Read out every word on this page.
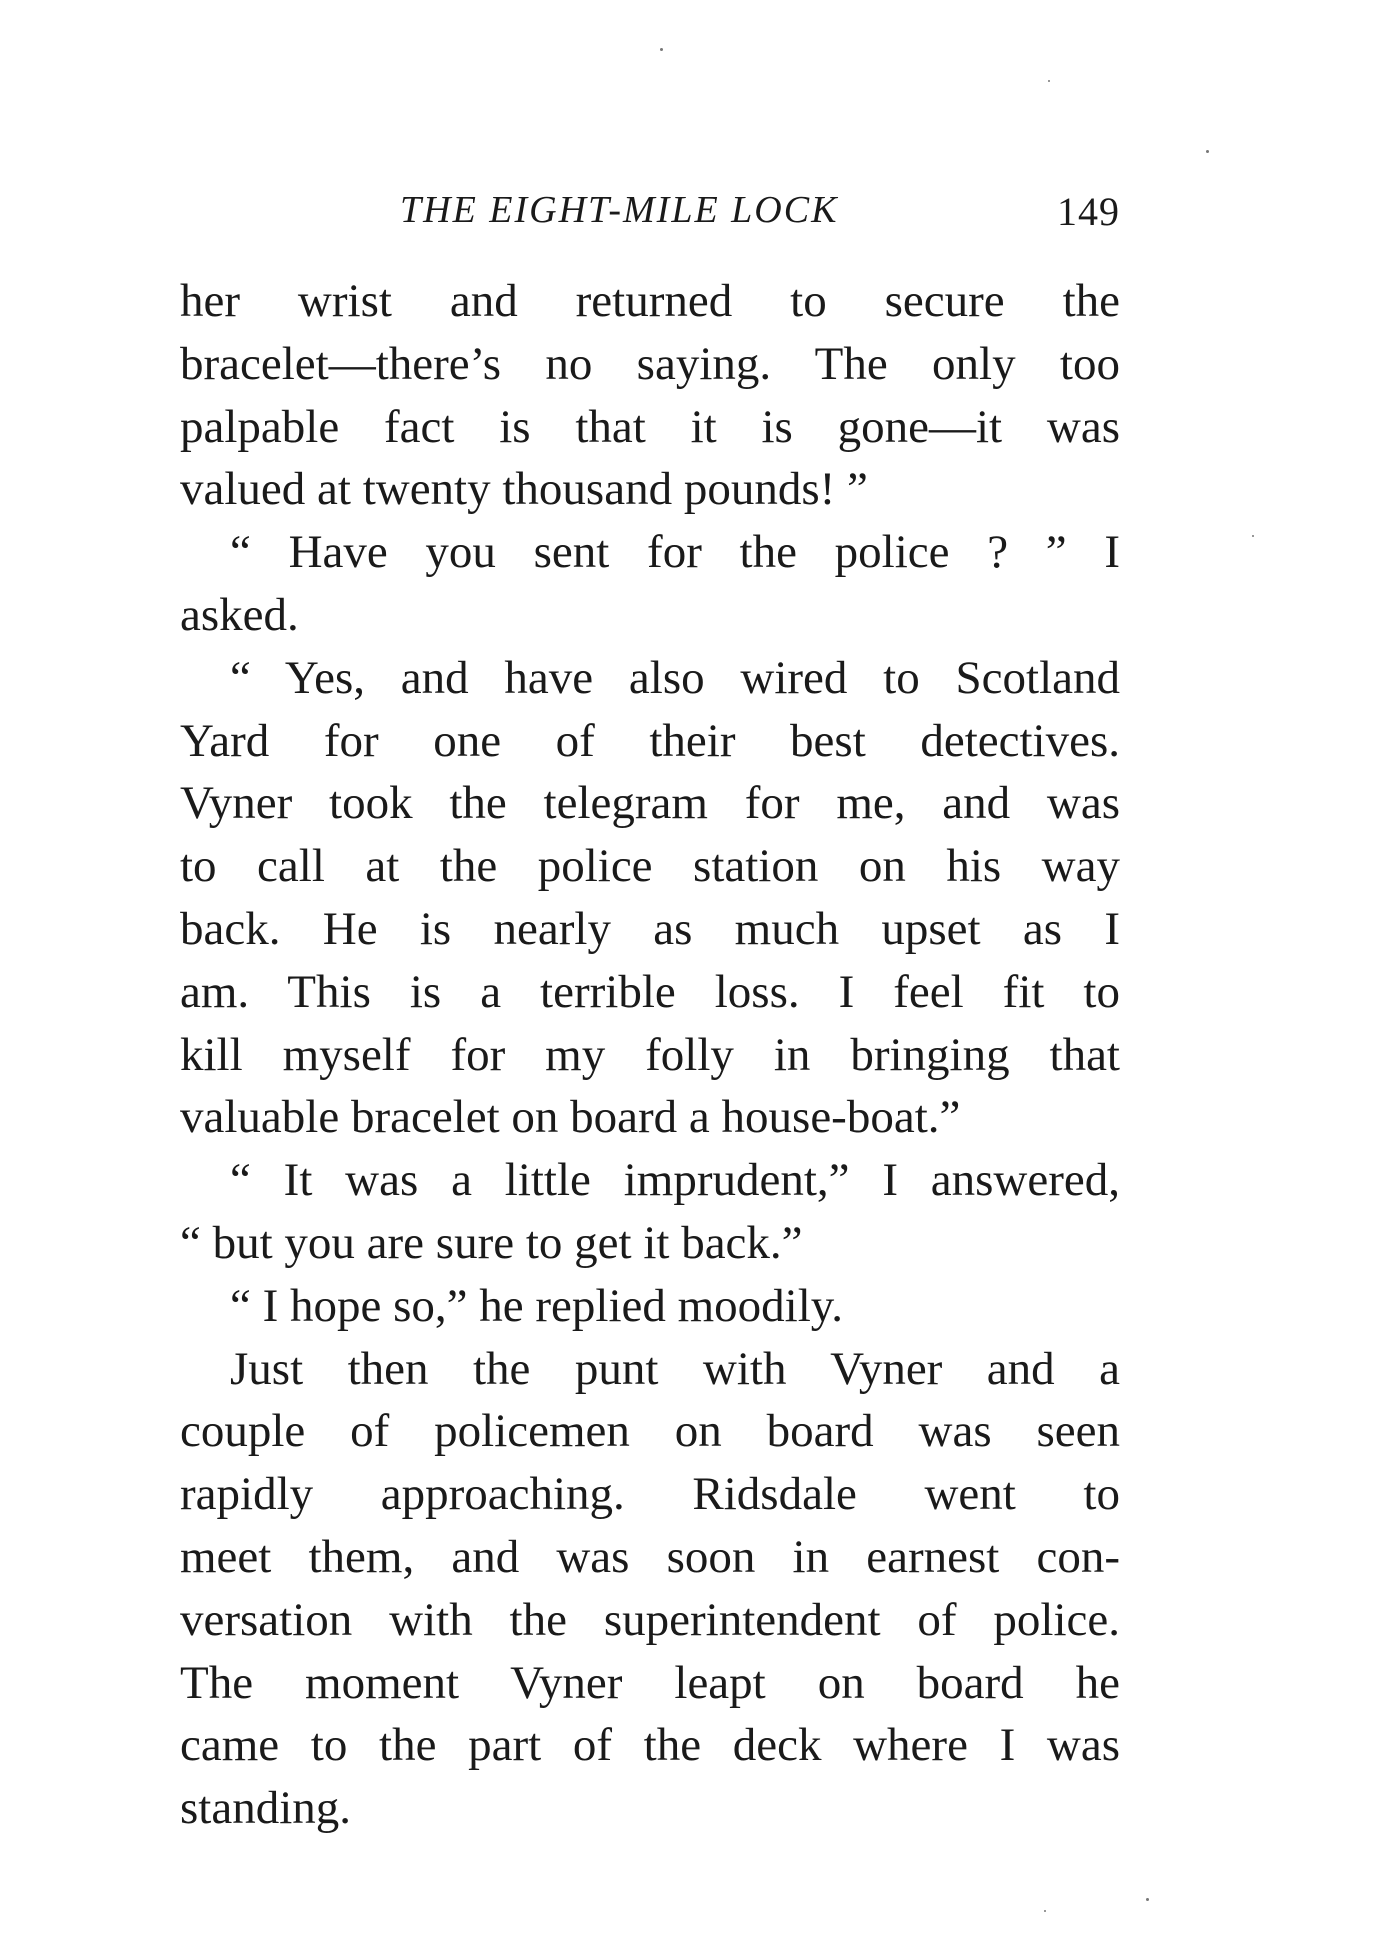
THE EIGHT-MILE LOCK	149
her wrist and returned to secure the
bracelet—there’s no saying. The only too
palpable fact is that it is gone—it was
valued at twenty thousand pounds! ”
“ Have you sent for the police ? ” I
asked.
“ Yes, and have also wired to Scotland
Yard for one of their best detectives.
Vyner took the telegram for me, and was
to call at the police station on his way
back. He is nearly as much upset as I
am. This is a terrible loss. I feel fit to
kill myself for my folly in bringing that
valuable bracelet on board a house-boat.”
“ It was a little imprudent,” I answered,
“ but you are sure to get it back.”
“ I hope so,” he replied moodily.
Just then the punt with Vyner and a
couple of policemen on board was seen
rapidly approaching. Ridsdale went to
meet them, and was soon in earnest con-
versation with the superintendent of police.
The moment Vyner leapt on board he
came to the part of the deck where I was
standing.
